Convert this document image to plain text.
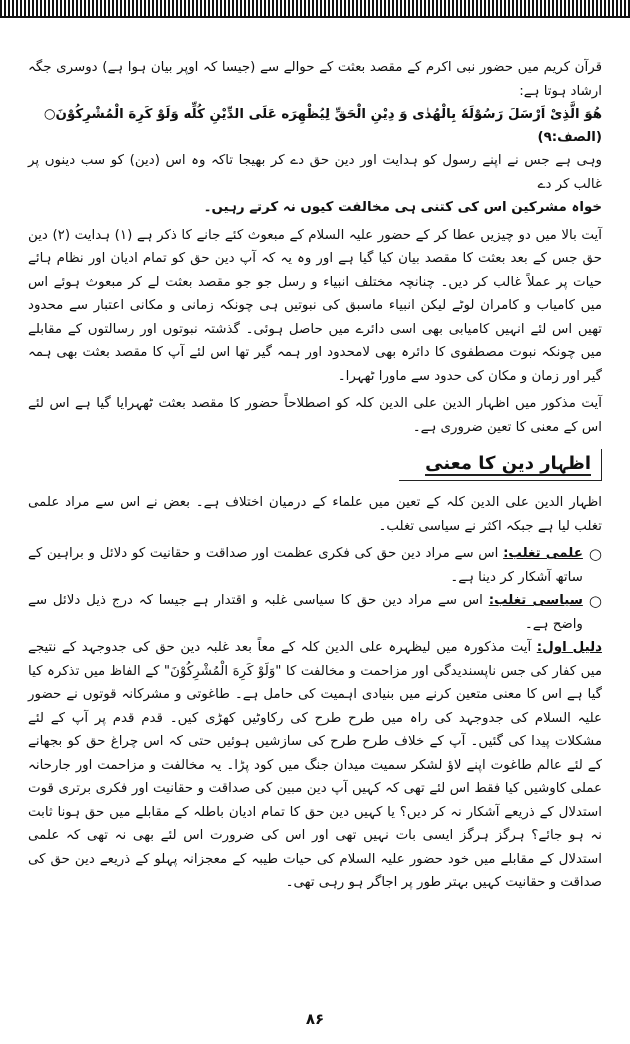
قرآن کریم میں حضور نبی اکرم کے مقصد بعثت کے حوالے سے (جیسا کہ اوپر بیان ہوا ہے) دوسری جگہ ارشاد ہوتا ہے:

هُوَ الَّذِىْ اَرْسَلَ رَسُوْلَهٗ بِالْهُدٰى وَ دِيْنِ الْحَقِّ لِيُظْهِرَه عَلَى الدِّيْنِ كُلِّه وَلَوْ كَرِهَ الْمُشْرِكُوْنَ○ (الصف:۹)

وہی ہے جس نے اپنے رسول کو ہدایت اور دین حق دے کر بھیجا تاکہ وہ اس (دین) کو سب دینوں پر غالب کر دے

خواہ مشرکین اس کی کتنی ہی مخالفت کیوں نہ کرتے رہیں۔

آیت بالا میں دو چیزیں عطا کر کے حضور علیہ السلام کے مبعوث کئے جانے کا ذکر ہے (۱) ہدایت (۲) دین حق جس کے بعد بعثت کا مقصد بیان کیا گیا ہے اور وہ یہ کہ آپ دین حق کو تمام ادیان اور نظام ہائے حیات پر عملاً غالب کر دیں۔ چنانچہ مختلف انبیاء و رسل جو جو مقصد بعثت لے کر مبعوث ہوئے اس میں کامیاب و کامران لوٹے لیکن انبیاء ماسبق کی نبوتیں ہی چونکہ زمانی و مکانی اعتبار سے محدود تھیں اس لئے انہیں کامیابی بھی اسی دائرے میں حاصل ہوئی۔ گذشتہ نبوتوں اور رسالتوں کے مقابلے میں چونکہ نبوت مصطفوی کا دائرہ بھی لامحدود اور ہمہ گیر تھا اس لئے آپ کا مقصد بعثت بھی ہمہ گیر اور زمان و مکان کی حدود سے ماورا ٹھہرا۔

آیت مذکور میں اظہار الدین علی الدین کلہ کو اصطلاحاً حضور کا مقصد بعثت ٹھہرایا گیا ہے اس لئے اس کے معنی کا تعین ضروری ہے۔

اظہار دین کا معنی

اظہار الدین علی الدین کلہ کے تعین میں علماء کے درمیان اختلاف ہے۔ بعض نے اس سے مراد علمی تغلب لیا ہے جبکہ اکثر نے سیاسی تغلب۔

○
علمی تغلب: اس سے مراد دین حق کی فکری عظمت اور صداقت و حقانیت کو دلائل و براہین کے ساتھ آشکار کر دینا ہے۔
○
سیاسی تغلب: اس سے مراد دین حق کا سیاسی غلبہ و اقتدار ہے جیسا کہ درج ذیل دلائل سے واضح ہے۔

دلیل اول: آیت مذکورہ میں لیظہرہ علی الدین کلہ کے معاً بعد غلبہ دین حق کی جدوجہد کے نتیجے میں کفار کی جس ناپسندیدگی اور مزاحمت و مخالفت کا "وَلَوْ كَرِهَ الْمُشْرِكُوْنَ" کے الفاظ میں تذکرہ کیا گیا ہے اس کا معنی متعین کرنے میں بنیادی اہمیت کی حامل ہے۔ طاغوتی و مشرکانہ قوتوں نے حضور علیہ السلام کی جدوجہد کی راہ میں طرح طرح کی رکاوٹیں کھڑی کیں۔ قدم قدم پر آپ کے لئے مشکلات پیدا کی گئیں۔ آپ کے خلاف طرح طرح کی سازشیں ہوئیں حتی کہ اس چراغ حق کو بجھانے کے لئے عالم طاغوت اپنے لاؤ لشکر سمیت میدان جنگ میں کود پڑا۔ یہ مخالفت و مزاحمت اور جارحانہ عملی کاوشیں کیا فقط اس لئے تھی کہ کہیں آپ دین مبین کی صداقت و حقانیت اور فکری برتری قوت استدلال کے ذریعے آشکار نہ کر دیں؟ یا کہیں دین حق کا تمام ادیان باطلہ کے مقابلے میں حق ہونا ثابت نہ ہو جائے؟ ہرگز ہرگز ایسی بات نہیں تھی اور اس کی ضرورت اس لئے بھی نہ تھی کہ علمی استدلال کے مقابلے میں خود حضور علیہ السلام کی حیات طیبہ کے معجزانہ پہلو کے ذریعے دین حق کی صداقت و حقانیت کہیں بہتر طور پر اجاگر ہو رہی تھی۔

۸۶
